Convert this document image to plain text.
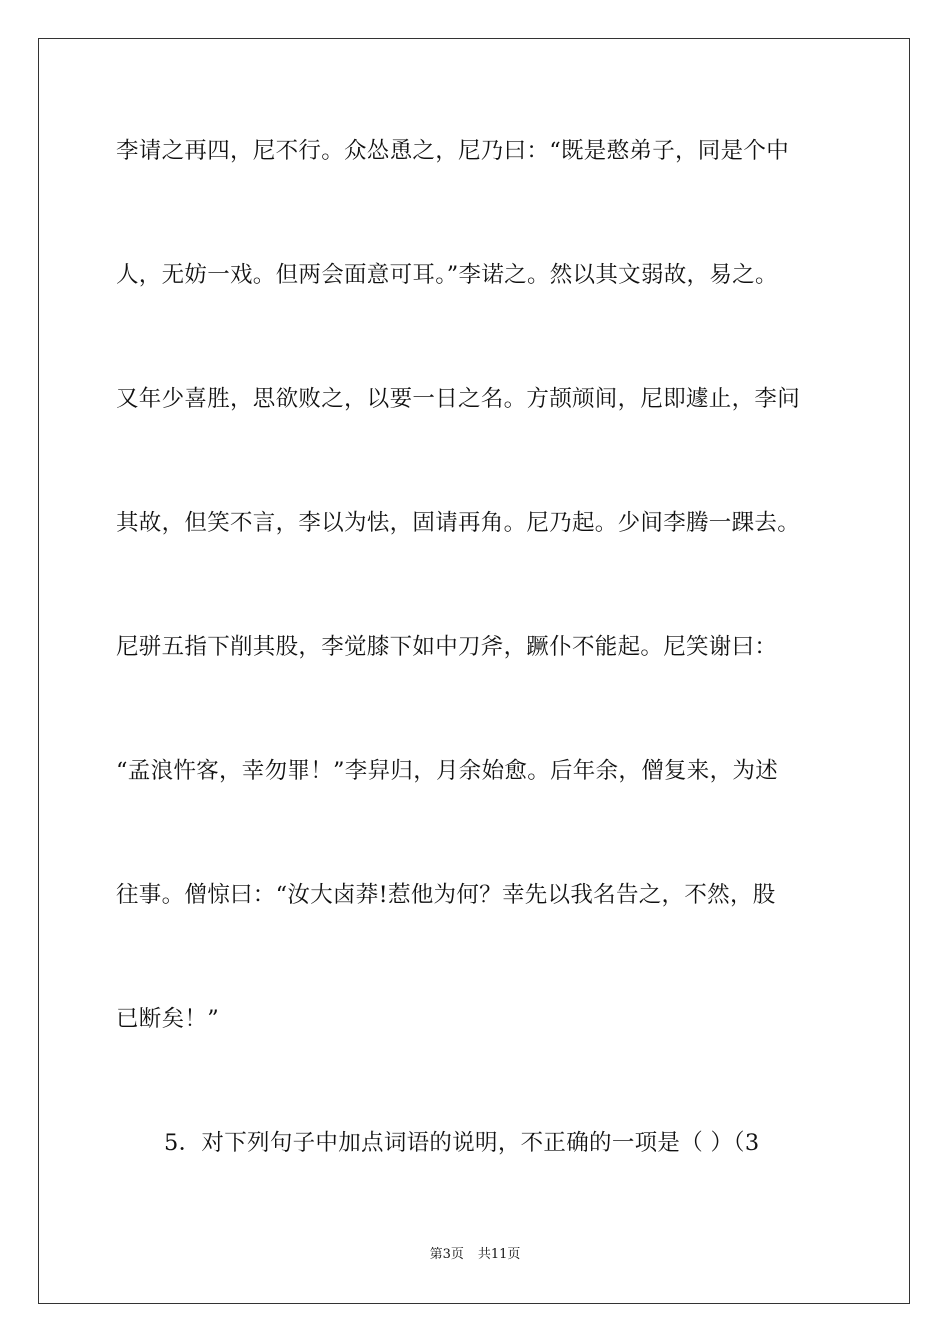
李请之再四，尼不行。众怂恿之，尼乃曰：“既是憨弟子，同是个中
人，无妨一戏。但两会面意可耳。”李诺之。然以其文弱故，易之。
又年少喜胜，思欲败之，以要一日之名。方颉颃间，尼即遽止，李问
其故，但笑不言，李以为怯，固请再角。尼乃起。少间李腾一踝去。
尼骈五指下削其股，李觉膝下如中刀斧，蹶仆不能起。尼笑谢曰：
“孟浪忤客，幸勿罪！”李舁归，月余始愈。后年余，僧复来，为述
往事。僧惊曰：“汝大卤莽!惹他为何？幸先以我名告之，不然，股
已断矣！”
5．对下列句子中加点词语的说明，不正确的一项是（ ）（3
第3页 共11页
